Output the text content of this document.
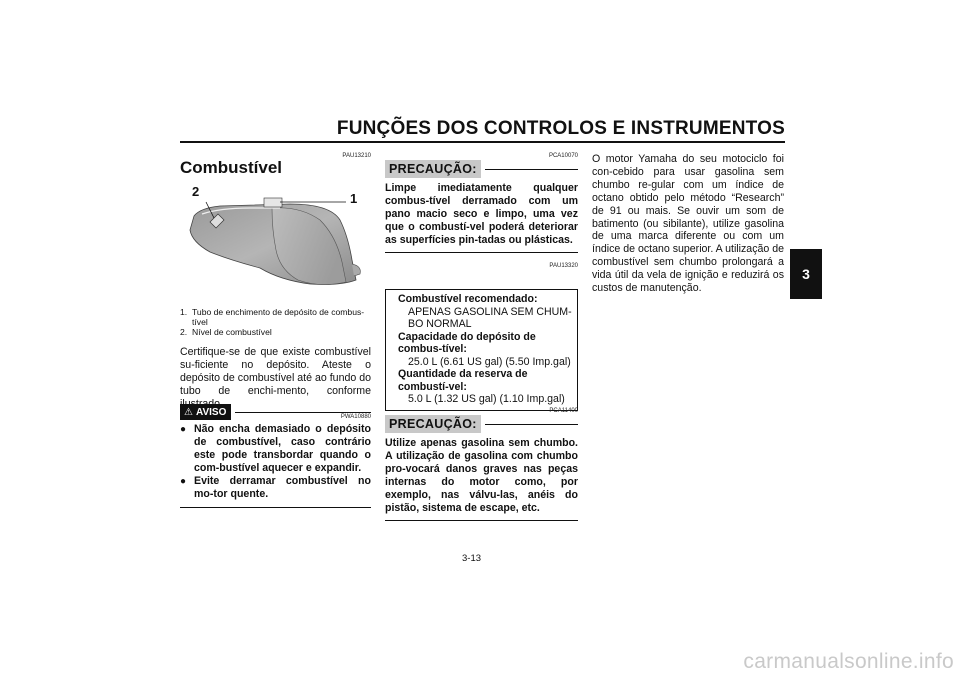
FUNÇÕES DOS CONTROLOS E INSTRUMENTOS
3
PAU13210
Combustível
2	1
1. Tubo de enchimento de depósito de combus-tível
2. Nível de combustível
Certifique-se de que existe combustível su-ficiente no depósito. Ateste o depósito de combustível até ao fundo do tubo de enchi-mento, conforme
⚠ AVISO	PWA10880
● Não encha demasiado o depósito de combustível, caso contrário este pode transbordar quando o com-bustível aquecer e expandir.
● Evite derramar combustível no mo-tor quente.
PCA10070
PRECAUÇÃO:
Limpe imediatamente qualquer combus-tível derramado com um pano macio seco e limpo, uma vez que o combustí-vel poderá deteriorar as superfícies pin-tadas ou plásticas.
PAU13320
Combustível recomendado:
APENAS GASOLINA SEM CHUM-BO NORMAL
Capacidade do depósito de combus-tível:
25.0 L (6.61 US gal) (5.50 Imp.gal)
Quantidade da reserva de combustí-vel:
5.0 L (1.32 US gal) (1.10 Imp.gal)
PCA11400
PRECAUÇÃO:
Utilize apenas gasolina sem chumbo. A utilização de gasolina com chumbo pro-vocará danos graves nas peças internas do motor como, por exemplo, nas válvu-las, anéis do pistão, sistema de escape, etc.
O motor Yamaha do seu motociclo foi con-cebido para usar gasolina sem chumbo re-gular com um índice de octano obtido pelo método “Research” de 91 ou mais. Se ouvir um som de batimento (ou sibilante), utilize gasolina de uma marca diferente ou com um índice de octano superior. A utilização de combustível sem chumbo prolongará a vida útil da vela de ignição e reduzirá os custos de manutenção.
3-13
carmanualsonline.info
